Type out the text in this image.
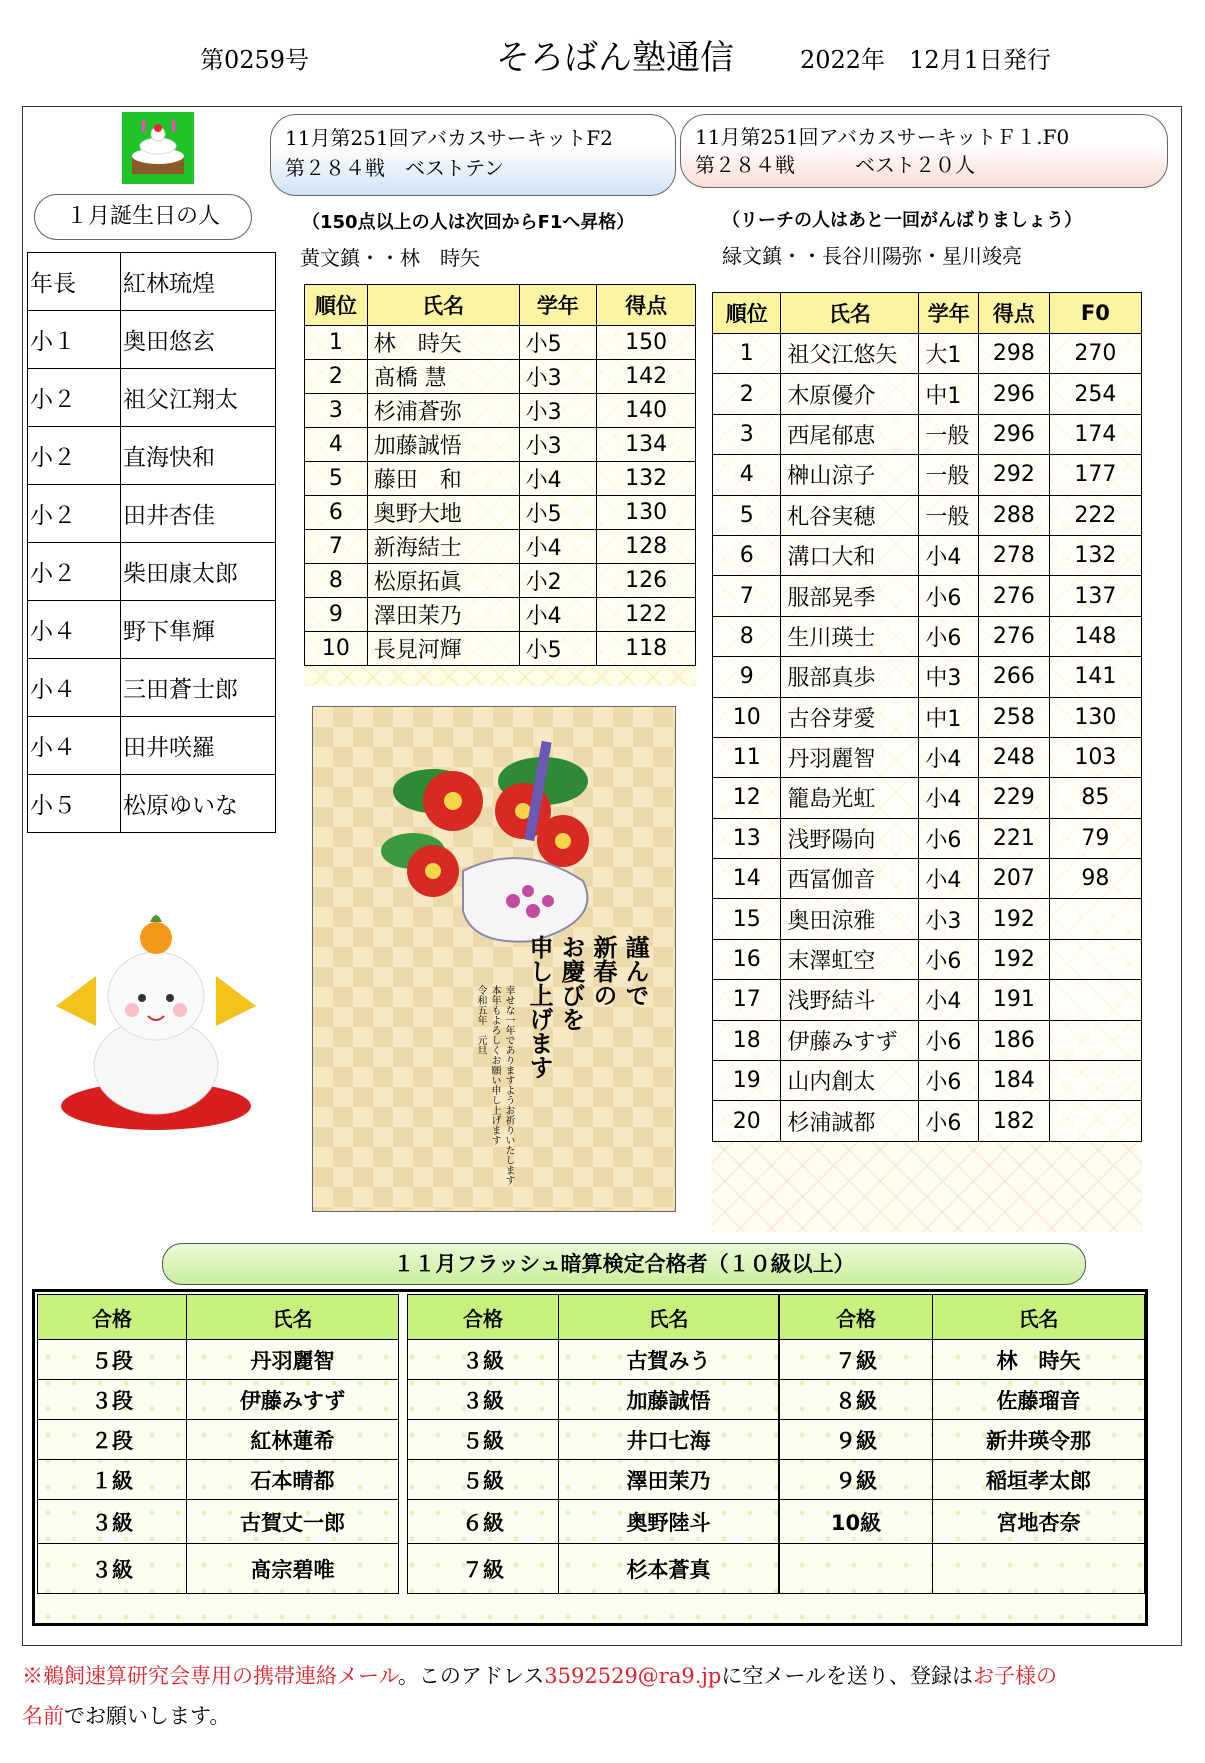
第0259号	そろばん塾通信	2022年　12月1日発行
11月第251回アバカスサーキットF2
第２８４戦　ベストテン
11月第251回アバカスサーキットＦ１.F0
第２８４戦　　　ベスト２０人
１月誕生日の人	（150点以上の人は次回からF1へ昇格）
黄文鎮・・林　時矢
（リーチの人はあと一回がんばりましょう）
緑文鎮・・長谷川陽弥・星川竣亮
年長	紅林琉煌
小１	奥田悠玄
小２	祖父江翔太
小２	直海快和
小２	田井杏佳
小２	柴田康太郎
小４	野下隼輝
小４	三田蒼士郎
小４	田井咲羅
小５	松原ゆいな
順位	氏名	学年	得点
1	林　時矢	小5	150
2	髙橋 慧	小3	142
3	杉浦蒼弥	小3	140
4	加藤誠悟	小3	134
5	藤田　和	小4	132
6	奥野大地	小5	130
7	新海結士	小4	128
8	松原拓眞	小2	126
9	澤田茉乃	小4	122
10	長見河輝	小5	118
順位	氏名	学年	得点	F0
1	祖父江悠矢	大1	298	270
2	木原優介	中1	296	254
3	西尾郁恵	一般	296	174
4	榊山涼子	一般	292	177
5	札谷実穂	一般	288	222
6	溝口大和	小4	278	132
7	服部晃季	小6	276	137
8	生川瑛士	小6	276	148
9	服部真歩	中3	266	141
10	古谷芽愛	中1	258	130
11	丹羽麗智	小4	248	103
12	籠島光虹	小4	229	85
13	浅野陽向	小6	221	79
14	西冨伽音	小4	207	98
15	奥田涼雅	小3	192	
16	末澤虹空	小6	192	
17	浅野結斗	小4	191	
18	伊藤みすず	小6	186	
19	山内創太	小6	184	
20	杉浦誠都	小6	182	
謹んで
新春の
お慶びを
申し上げます
幸せな一年でありますようお祈りいたします
本年もよろしくお願い申し上げます
令和五年　元旦
１１月フラッシュ暗算検定合格者（１０級以上）
合格	氏名
５段	丹羽麗智
３段	伊藤みすず
２段	紅林蓮希
１級	石本晴都
３級	古賀丈一郎
３級	髙宗碧唯
合格	氏名
３級	古賀みう
３級	加藤誠悟
５級	井口七海
５級	澤田茉乃
６級	奥野陸斗
７級	杉本蒼真
合格	氏名
７級	林　時矢
８級	佐藤瑠音
９級	新井瑛令那
９級	稲垣孝太郎
10級	宮地杏奈

※鵜飼速算研究会専用の携帯連絡メール。このアドレス3592529@ra9.jpに空メールを送り、登録はお子様の
名前でお願いします。
